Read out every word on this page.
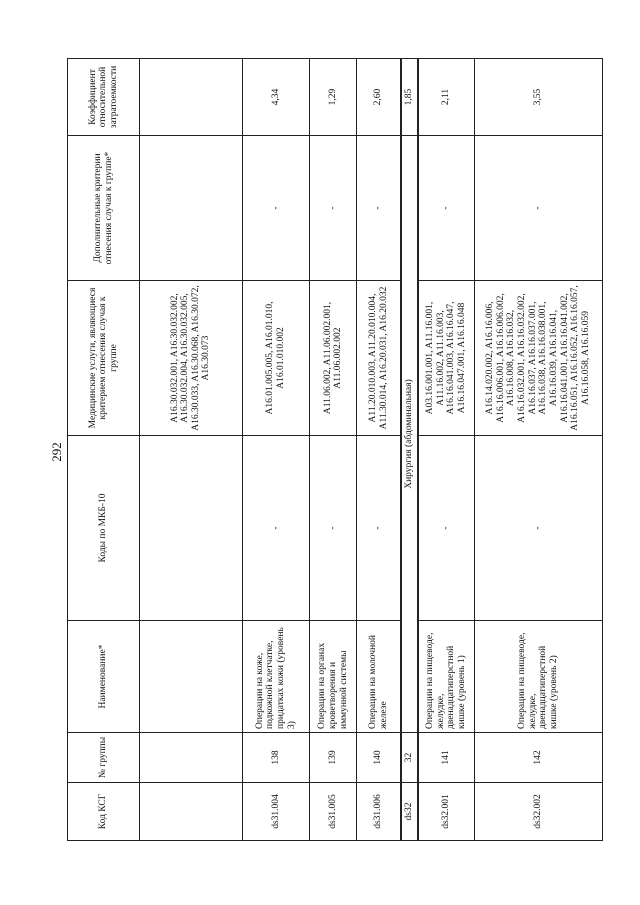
292
Код КСГ	№ группы	Наименование*	Коды по МКБ-10	Медицинские услуги, являющиеся критерием отнесения случая к группе	Дополнительные критерии отнесения случая к группе*	Коэффициент относительной затратоемкости
				A16.30.032.001, A16.30.032.002, A16.30.032.004, A16.30.032.005, A16.30.033, A16.30.068, A16.30.072, A16.30.073		
ds31.004	138	Операции на коже, подкожной клетчатке, придатках кожи (уровень 3)	-	A16.01.005.005, A16.01.010, A16.01.010.002	-	4,34
ds31.005	139	Операции на органах кроветворения и иммунной системы	-	A11.06.002, A11.06.002.001, A11.06.002.002	-	1,29
ds31.006	140	Операции на молочной железе	-	A11.20.010.003, A11.20.010.004, A11.30.014, A16.20.031, A16.20.032	-	2,60
ds32	32	Хирургия (абдоминальная)				1,85
ds32.001	141	Операции на пищеводе, желудке, двенадцатиперстной кишке (уровень 1)	-	A03.16.001.001, A11.16.001, A11.16.002, A11.16.003, A16.16.041.003, A16.16.047, A16.16.047.001, A16.16.048	-	2,11
ds32.002	142	Операции на пищеводе, желудке, двенадцатиперстной кишке (уровень 2)	-	A16.14.020.002, A16.16.006, A16.16.006.001, A16.16.006.002, A16.16.008, A16.16.032, A16.16.032.001, A16.16.032.002, A16.16.037, A16.16.037.001, A16.16.038, A16.16.038.001, A16.16.039, A16.16.041, A16.16.041.001, A16.16.041.002, A16.16.051, A16.16.052, A16.16.057, A16.16.058, A16.16.059	-	3,55
